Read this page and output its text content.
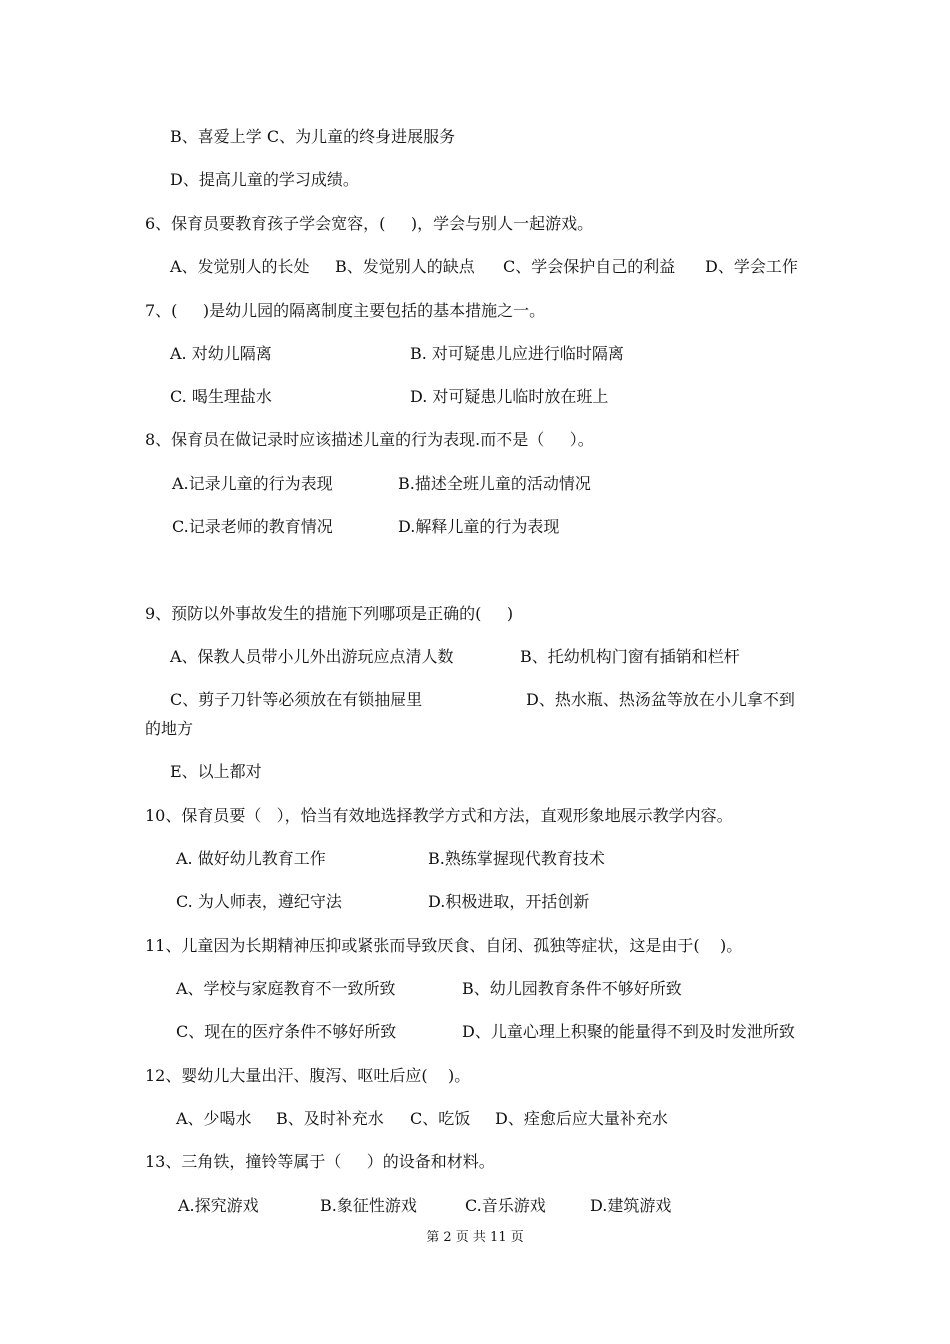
B、喜爱上学 C、为儿童的终身进展服务
D、提高儿童的学习成绩。
6、保育员要教育孩子学会宽容，(     )，学会与别人一起游戏。
A、发觉别人的长处 B、发觉别人的缺点 C、学会保护自己的利益 D、学会工作
7、(     )是幼儿园的隔离制度主要包括的基本措施之一。
A. 对幼儿隔离	B. 对可疑患儿应进行临时隔离
C. 喝生理盐水	D. 对可疑患儿临时放在班上
8、保育员在做记录时应该描述儿童的行为表现.而不是（     ）。
A.记录儿童的行为表现	B.描述全班儿童的活动情况
C.记录老师的教育情况	D.解释儿童的行为表现
9、预防以外事故发生的措施下列哪项是正确的(     )
A、保教人员带小儿外出游玩应点清人数	B、托幼机构门窗有插销和栏杆
C、剪子刀针等必须放在有锁抽屉里	D、热水瓶、热汤盆等放在小儿拿不到
的地方
E、以上都对
10、保育员要（   ），恰当有效地选择教学方式和方法，直观形象地展示教学内容。
A. 做好幼儿教育工作	B.熟练掌握现代教育技术
C. 为人师表，遵纪守法	D.积极进取，开括创新
11、儿童因为长期精神压抑或紧张而导致厌食、自闭、孤独等症状，这是由于(    )。
A、学校与家庭教育不一致所致	B、幼儿园教育条件不够好所致
C、现在的医疗条件不够好所致	D、儿童心理上积聚的能量得不到及时发泄所致
12、婴幼儿大量出汗、腹泻、呕吐后应(    )。
A、少喝水 B、及时补充水 C、吃饭 D、痊愈后应大量补充水
13、三角铁，撞铃等属于（     ）的设备和材料。
A.探究游戏	B.象征性游戏	C.音乐游戏	D.建筑游戏
第 2 页 共 11 页
